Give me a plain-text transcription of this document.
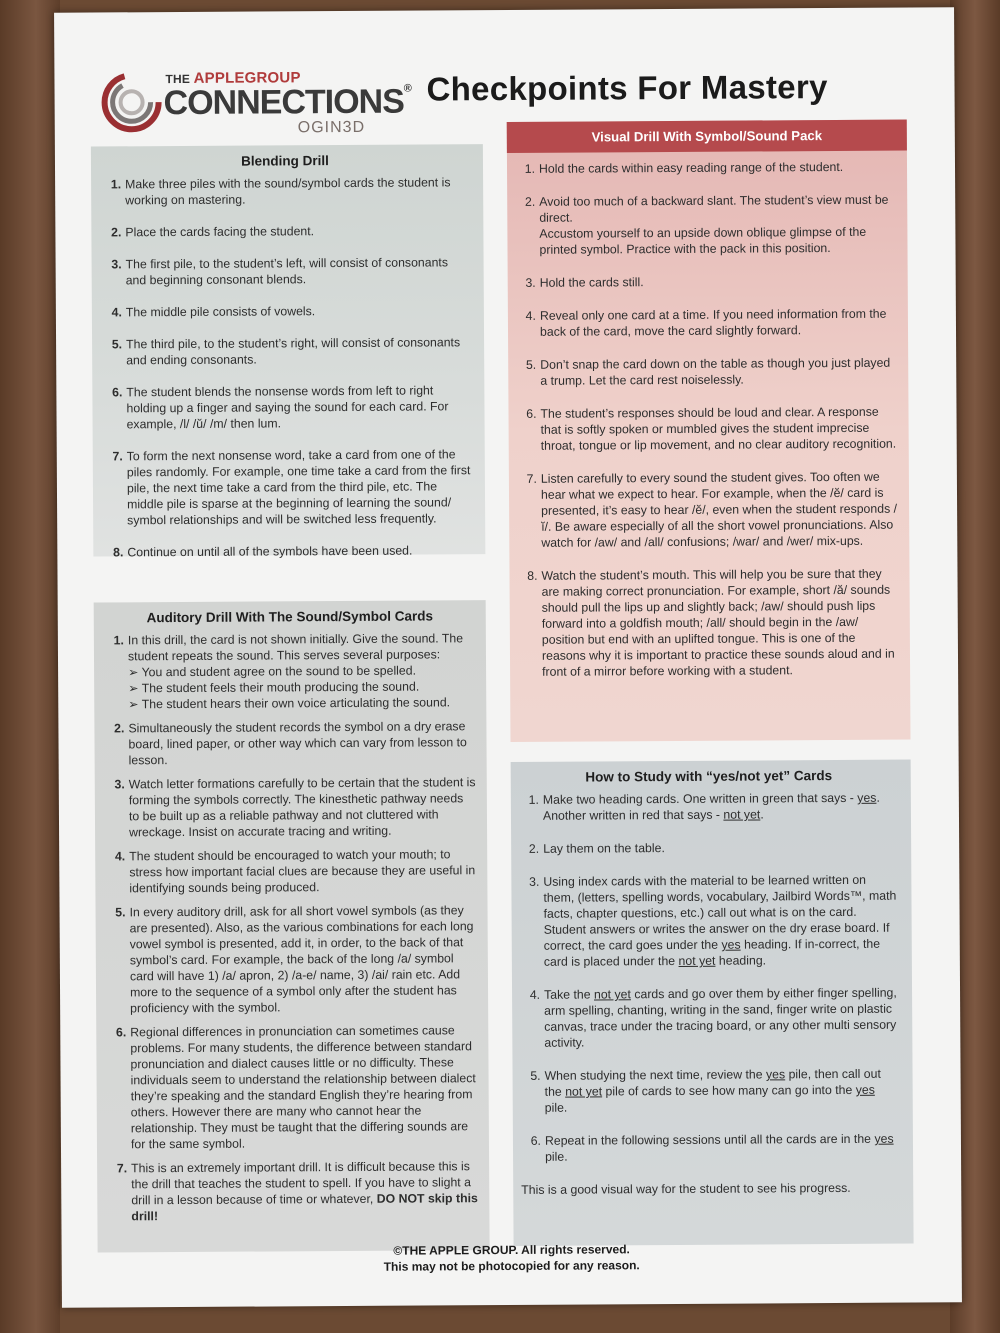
THE APPLEGROUP
CONNECTIONS®
OGIN3D
Checkpoints For Mastery
Blending Drill
1. Make three piles with the sound/symbol cards the student is working on mastering.
2. Place the cards facing the student.
3. The first pile, to the student’s left, will consist of consonants and beginning consonant blends.
4. The middle pile consists of vowels.
5. The third pile, to the student’s right, will consist of consonants and ending consonants.
6. The student blends the nonsense words from left to right holding up a finger and saying the sound for each card. For example, /l/ /ŭ/ /m/ then lum.
7. To form the next nonsense word, take a card from one of the piles randomly. For example, one time take a card from the first pile, the next time take a card from the third pile, etc. The middle pile is sparse at the beginning of learning the sound/ symbol relationships and will be switched less frequently.
8. Continue on until all of the symbols have been used.
Auditory Drill With The Sound/Symbol Cards
1. In this drill, the card is not shown initially. Give the sound. The student repeats the sound. This serves several purposes:
➢ You and student agree on the sound to be spelled.
➢ The student feels their mouth producing the sound.
➢ The student hears their own voice articulating the sound.
2. Simultaneously the student records the symbol on a dry erase board, lined paper, or other way which can vary from lesson to lesson.
3. Watch letter formations carefully to be certain that the student is forming the symbols correctly. The kinesthetic pathway needs to be built up as a reliable pathway and not cluttered with wreckage. Insist on accurate tracing and writing.
4. The student should be encouraged to watch your mouth; to stress how important facial clues are because they are useful in identifying sounds being produced.
5. In every auditory drill, ask for all short vowel symbols (as they are presented). Also, as the various combinations for each long vowel symbol is presented, add it, in order, to the back of that symbol’s card. For example, the back of the long /a/ symbol card will have 1) /a/ apron, 2) /a-e/ name, 3) /ai/ rain etc. Add more to the sequence of a symbol only after the student has proficiency with the symbol.
6. Regional differences in pronunciation can sometimes cause problems. For many students, the difference between standard pronunciation and dialect causes little or no difficulty. These individuals seem to understand the relationship between dialect they’re speaking and the standard English they’re hearing from others. However there are many who cannot hear the relationship. They must be taught that the differing sounds are for the same symbol.
7. This is an extremely important drill. It is difficult because this is the drill that teaches the student to spell. If you have to slight a drill in a lesson because of time or whatever, DO NOT skip this drill!
Visual Drill With Symbol/Sound Pack
1. Hold the cards within easy reading range of the student.
2. Avoid too much of a backward slant. The student’s view must be direct.
Accustom yourself to an upside down oblique glimpse of the printed symbol. Practice with the pack in this position.
3. Hold the cards still.
4. Reveal only one card at a time. If you need information from the back of the card, move the card slightly forward.
5. Don’t snap the card down on the table as though you just played a trump. Let the card rest noiselessly.
6. The student’s responses should be loud and clear. A response that is softly spoken or mumbled gives the student imprecise throat, tongue or lip movement, and no clear auditory recognition.
7. Listen carefully to every sound the student gives. Too often we hear what we expect to hear. For example, when the /ĕ/ card is presented, it’s easy to hear /ĕ/, even when the student responds /ĭ/. Be aware especially of all the short vowel pronunciations. Also watch for /aw/ and /all/ confusions; /war/ and /wer/ mix-ups.
8. Watch the student’s mouth. This will help you be sure that they are making correct pronunciation. For example, short /ă/ sounds should pull the lips up and slightly back; /aw/ should push lips forward into a goldfish mouth; /all/ should begin in the /aw/ position but end with an uplifted tongue. This is one of the reasons why it is important to practice these sounds aloud and in front of a mirror before working with a student.
How to Study with “yes/not yet” Cards
1. Make two heading cards. One written in green that says - yes. Another written in red that says - not yet.
2. Lay them on the table.
3. Using index cards with the material to be learned written on them, (letters, spelling words, vocabulary, Jailbird Words™, math facts, chapter questions, etc.) call out what is on the card. Student answers or writes the answer on the dry erase board. If correct, the card goes under the yes heading. If in-correct, the card is placed under the not yet heading.
4. Take the not yet cards and go over them by either finger spelling, arm spelling, chanting, writing in the sand, finger write on plastic canvas, trace under the tracing board, or any other multi sensory activity.
5. When studying the next time, review the yes pile, then call out the not yet pile of cards to see how many can go into the yes pile.
6. Repeat in the following sessions until all the cards are in the yes pile.
This is a good visual way for the student to see his progress.
©THE APPLE GROUP. All rights reserved.
This may not be photocopied for any reason.
